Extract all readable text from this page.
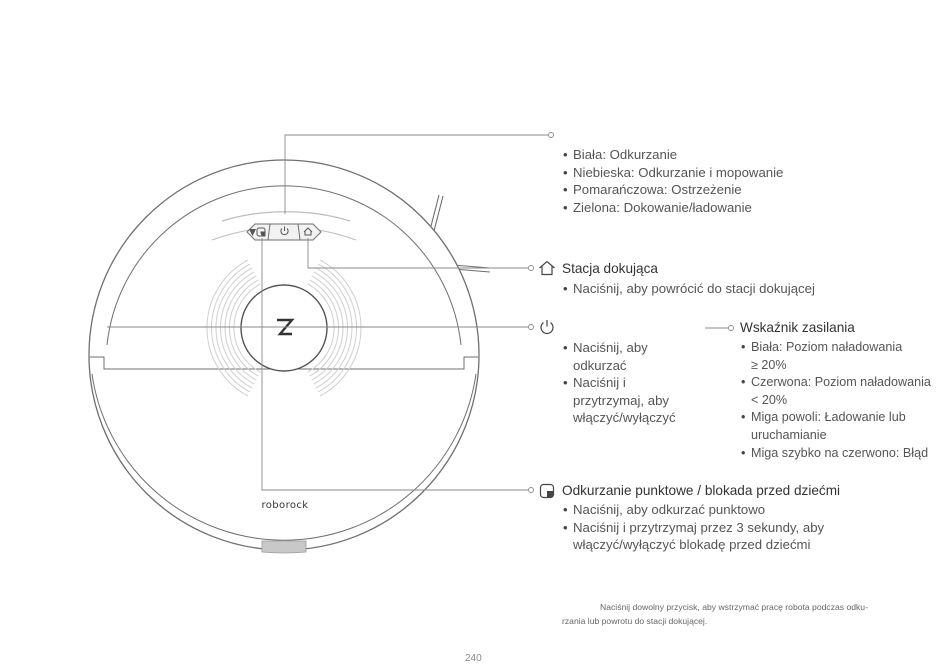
roborock
• Biała: Odkurzanie
• Niebieska: Odkurzanie i mopowanie
• Pomarańczowa: Ostrzeżenie
• Zielona: Dokowanie/ładowanie
Stacja dokująca
• Naciśnij, aby powrócić do stacji dokującej
• Naciśnij, aby odkurzać
• Naciśnij i przytrzymaj, aby włączyć/wyłączyć
Wskaźnik zasilania
• Biała: Poziom naładowania
≥ 20%
• Czerwona: Poziom naładowania
< 20%
• Miga powoli: Ładowanie lub
uruchamianie
• Miga szybko na czerwono: Błąd
Odkurzanie punktowe / blokada przed dziećmi
• Naciśnij, aby odkurzać punktowo
• Naciśnij i przytrzymaj przez 3 sekundy, aby
włączyć/wyłączyć blokadę przed dziećmi
Naciśnij dowolny przycisk, aby wstrzymać pracę robota podczas odku-
rzania lub powrotu do stacji dokującej.
240
